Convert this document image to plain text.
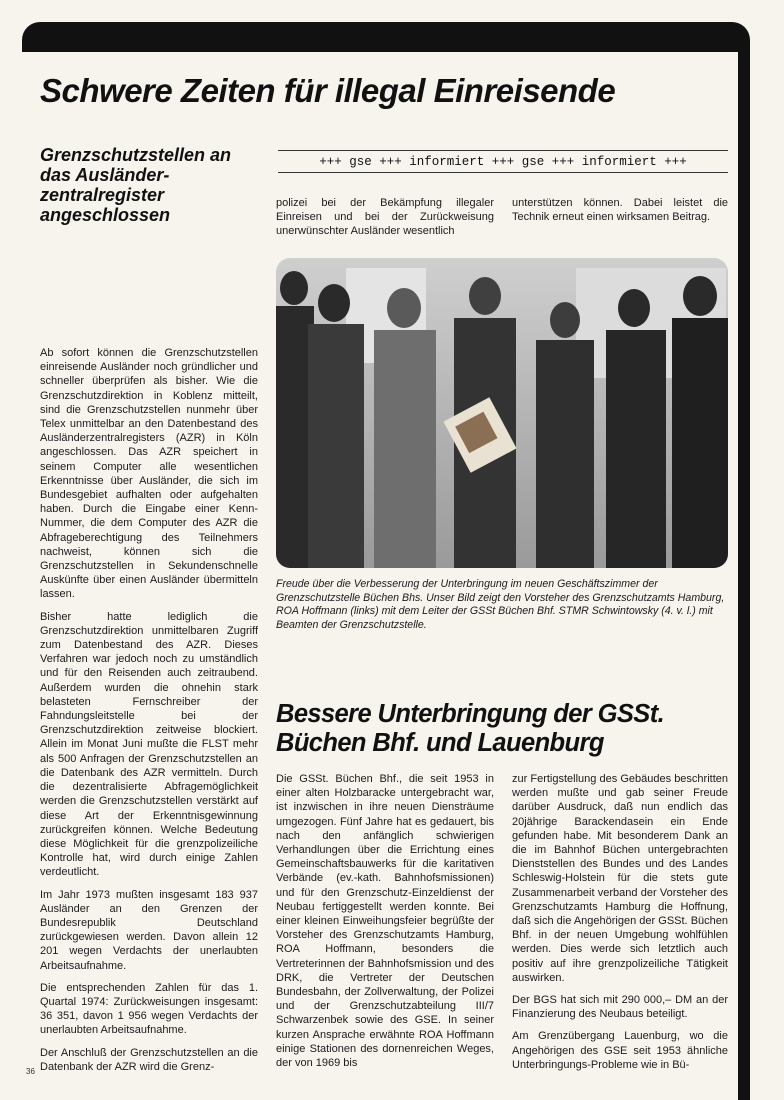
Schwere Zeiten für illegal Einreisende
Grenzschutzstellen an das Ausländer-zentralregister angeschlossen
+++ gse +++ informiert +++ gse +++ informiert +++

polizei bei der Bekämpfung illegaler Einreisen und bei der Zurückweisung unerwünschter Ausländer wesentlich

unterstützen können. Dabei leistet die Technik erneut einen wirksamen Beitrag.

Freude über die Verbesserung der Unterbringung im neuen Geschäftszimmer der Grenzschutzstelle Büchen Bhs. Unser Bild zeigt den Vorsteher des Grenzschutzamts Hamburg, ROA Hoffmann (links) mit dem Leiter der GSSt Büchen Bhf. STMR Schwintowsky (4. v. l.) mit Beamten der Grenzschutzstelle.

Ab sofort können die Grenzschutzstellen einreisende Ausländer noch gründlicher und schneller überprüfen als bisher. Wie die Grenzschutzdirektion in Koblenz mitteilt, sind die Grenzschutzstellen nunmehr über Telex unmittelbar an den Datenbestand des Ausländerzentralregisters (AZR) in Köln angeschlossen. Das AZR speichert in seinem Computer alle wesentlichen Erkenntnisse über Ausländer, die sich im Bundesgebiet aufhalten oder aufgehalten haben. Durch die Eingabe einer Kenn-Nummer, die dem Computer des AZR die Abfrageberechtigung des Teilnehmers nachweist, können sich die Grenzschutzstellen in Sekundenschnelle Auskünfte über einen Ausländer übermitteln lassen.

Bisher hatte lediglich die Grenzschutzdirektion unmittelbaren Zugriff zum Datenbestand des AZR. Dieses Verfahren war jedoch noch zu umständlich und für den Reisenden auch zeitraubend. Außerdem wurden die ohnehin stark belasteten Fernschreiber der Fahndungsleitstelle bei der Grenzschutzdirektion zeitweise blockiert. Allein im Monat Juni mußte die FLST mehr als 500 Anfragen der Grenzschutzstellen an die Datenbank des AZR vermitteln. Durch die dezentralisierte Abfragemöglichkeit werden die Grenzschutzstellen verstärkt auf diese Art der Erkenntnisgewinnung zurückgreifen können. Welche Bedeutung diese Möglichkeit für die grenzpolizeiliche Kontrolle hat, wird durch einige Zahlen verdeutlicht.

Im Jahr 1973 mußten insgesamt 183 937 Ausländer an den Grenzen der Bundesrepublik Deutschland zurückgewiesen werden. Davon allein 12 201 wegen Verdachts der unerlaubten Arbeitsaufnahme.

Die entsprechenden Zahlen für das 1. Quartal 1974: Zurückweisungen insgesamt: 36 351, davon 1 956 wegen Verdachts der unerlaubten Arbeitsaufnahme.

Der Anschluß der Grenzschutzstellen an die Datenbank der AZR wird die Grenz-

Bessere Unterbringung der GSSt. Büchen Bhf. und Lauenburg

Die GSSt. Büchen Bhf., die seit 1953 in einer alten Holzbaracke untergebracht war, ist inzwischen in ihre neuen Diensträume umgezogen. Fünf Jahre hat es gedauert, bis nach den anfänglich schwierigen Verhandlungen über die Errichtung eines Gemeinschaftsbauwerks für die karitativen Verbände (ev.-kath. Bahnhofsmissionen) und für den Grenzschutz-Einzeldienst der Neubau fertiggestellt werden konnte. Bei einer kleinen Einweihungsfeier begrüßte der Vorsteher des Grenzschutzamts Hamburg, ROA Hoffmann, besonders die Vertreterinnen der Bahnhofsmission und des DRK, die Vertreter der Deutschen Bundesbahn, der Zollverwaltung, der Polizei und der Grenzschutzabteilung III/7 Schwarzenbek sowie des GSE. In seiner kurzen Ansprache erwähnte ROA Hoffmann einige Stationen des dornenreichen Weges, der von 1969 bis

zur Fertigstellung des Gebäudes beschritten werden mußte und gab seiner Freude darüber Ausdruck, daß nun endlich das 20jährige Barackendasein ein Ende gefunden habe. Mit besonderem Dank an die im Bahnhof Büchen untergebrachten Dienststellen des Bundes und des Landes Schleswig-Holstein für die stets gute Zusammenarbeit verband der Vorsteher des Grenzschutzamts Hamburg die Hoffnung, daß sich die Angehörigen der GSSt. Büchen Bhf. in der neuen Umgebung wohlfühlen werden. Dies werde sich letztlich auch positiv auf ihre grenzpolizeiliche Tätigkeit auswirken.

Der BGS hat sich mit 290 000,– DM an der Finanzierung des Neubaus beteiligt.

Am Grenzübergang Lauenburg, wo die Angehörigen des GSE seit 1953 ähnliche Unterbringungs-Probleme wie in Bü-

36
